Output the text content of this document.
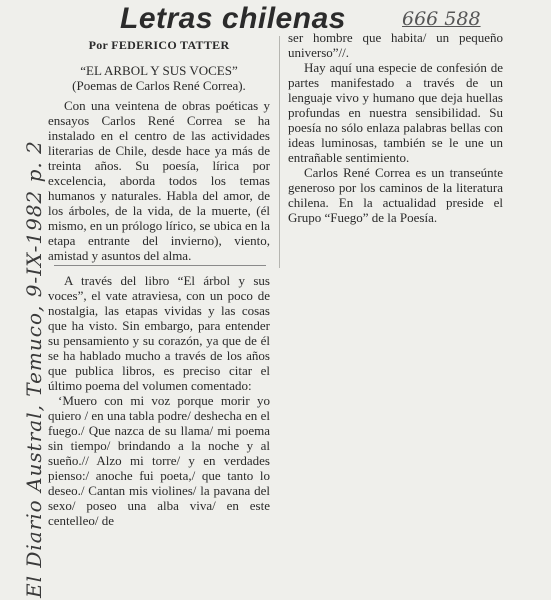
Letras chilenas	666 588
El Diario Austral, Temuco, 9-IX-1982 p. 2
Por FEDERICO TATTER
“EL ARBOL Y SUS VOCES”
(Poemas de Carlos René Correa).

Con una veintena de obras poéticas y ensayos Carlos René Correa se ha instalado en el centro de las actividades literarias de Chile, desde hace ya más de treinta años. Su poesía, lírica por excelencia, aborda todos los temas humanos y naturales. Habla del amor, de los árboles, de la vida, de la muerte, (él mismo, en un prólogo lírico, se ubica en la etapa entrante del invierno), viento, amistad y asuntos del alma.

A través del libro “El árbol y sus voces”, el vate atraviesa, con un poco de nostalgia, las etapas vividas y las cosas que ha visto. Sin embargo, para entender su pensamiento y su corazón, ya que de él se ha hablado mucho a través de los años que publica libros, es preciso citar el último poema del volumen comentado:

‘Muero con mi voz porque morir yo quiero / en una tabla podre/ deshecha en el fuego./ Que nazca de su llama/ mi poema sin tiempo/ brindando a la noche y al sueño.// Alzo mi torre/ y en verdades pienso:/ anoche fui poeta,/ que tanto lo deseo./ Cantan mis violines/ la pavana del sexo/ poseo una alba viva/ en este centelleo/ de

ser hombre que habita/ un pequeño universo”//.

Hay aquí una especie de confesión de partes manifestado a través de un lenguaje vivo y humano que deja huellas profundas en nuestra sensibilidad. Su poesía no sólo enlaza palabras bellas con ideas luminosas, también se le une un entrañable sentimiento.

Carlos René Correa es un transeúnte generoso por los caminos de la literatura chilena. En la actualidad preside el Grupo “Fuego” de la Poesía.
